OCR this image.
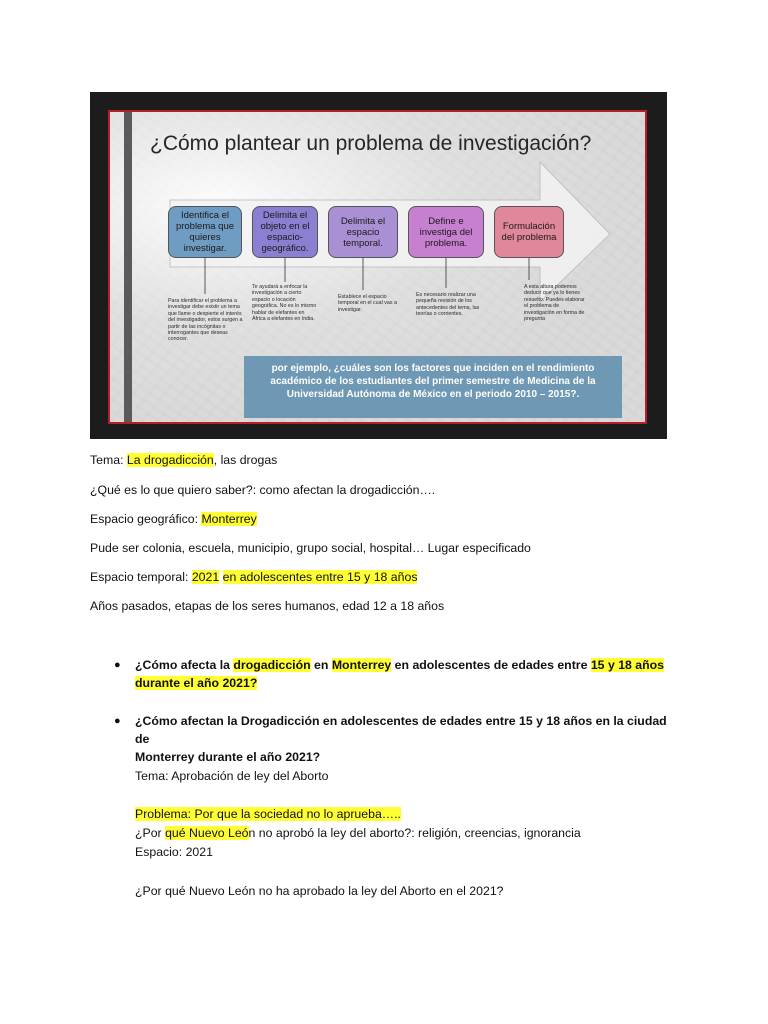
¿Cómo plantear un problema de investigación?
Identifica el problema que quieres investigar.
Delimita el objeto en el espacio-geográfico.
Delimita el espacio temporal.
Define e investiga del problema.
Formulación del problema

Para identificar el problema a investigar debe existir un tema que llame o despierte el interés del investigador, estos surgen a partir de las incógnitas o interrogantes que deseas conocer.

Te ayudará a enfocar la investigación a cierto espacio o locación geográfica. No es lo mismo hablar de elefantes en África a elefantes en India.

Establece el espacio temporal en el cual vas a investigar.

Es necesario realizar una pequeña revisión de los antecedentes del tema, las teorías o corrientes.

A esta altura podemos deducir que ya lo tienes resuelto. Puedes elaborar el problema de investigación en forma de pregunta

por ejemplo, ¿cuáles son los factores que inciden en el rendimiento académico de los estudiantes del primer semestre de Medicina de la Universidad Autónoma de México en el periodo 2010 – 2015?.

Tema: La drogadicción, las drogas

¿Qué es lo que quiero saber?: como afectan la drogadicción….

Espacio geográfico: Monterrey

Pude ser colonia, escuela, municipio, grupo social, hospital… Lugar especificado

Espacio temporal: 2021 en adolescentes entre 15 y 18 años

Años pasados, etapas de los seres humanos, edad 12 a 18 años

● ¿Cómo afecta la drogadicción en Monterrey en adolescentes de edades entre 15 y 18 años
durante el año 2021?

● ¿Cómo afectan la Drogadicción en adolescentes de edades entre 15 y 18 años en la ciudad de
Monterrey durante el año 2021?

Tema: Aprobación de ley del Aborto

Problema: Por que la sociedad no lo aprueba…..

¿Por qué Nuevo León no aprobó la ley del aborto?: religión, creencias, ignorancia

Espacio: 2021

¿Por qué Nuevo León no ha aprobado la ley del Aborto en el 2021?
